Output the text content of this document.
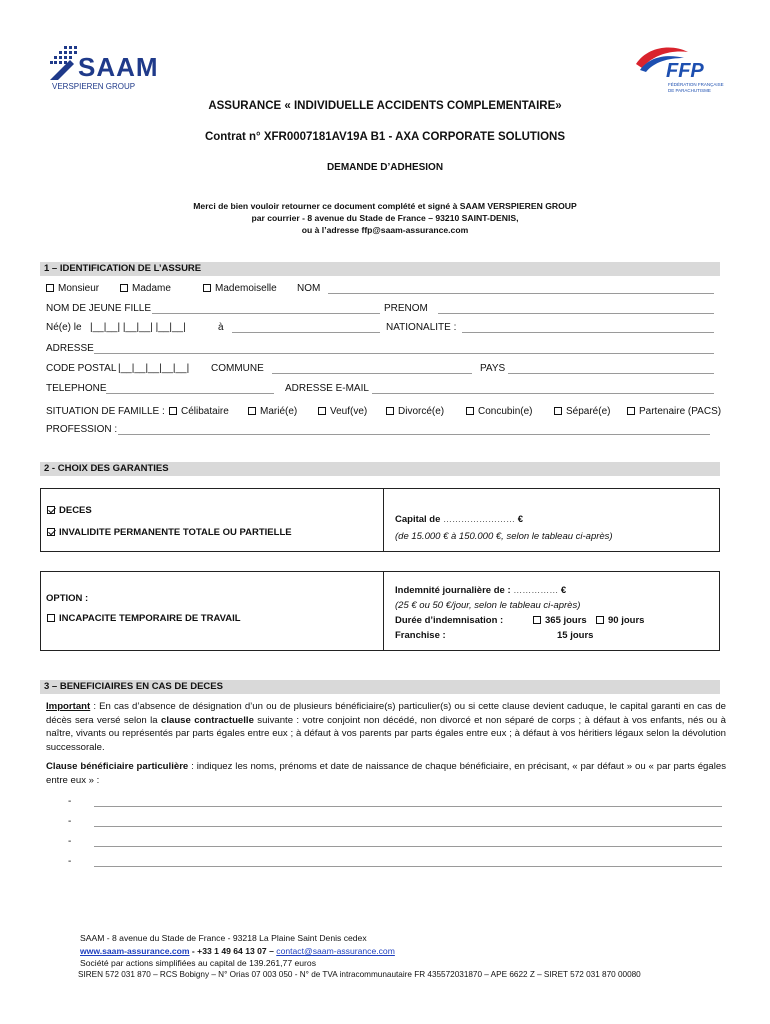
SAAM
VERSPIEREN GROUP
FFP
FÉDÉRATION FRANÇAISE
DE PARACHUTISME
ASSURANCE « INDIVIDUELLE ACCIDENTS COMPLEMENTAIRE»
Contrat n° XFR0007181AV19A B1 - AXA CORPORATE SOLUTIONS
DEMANDE D’ADHESION
Merci de bien vouloir retourner ce document complété et signé à SAAM VERSPIEREN GROUP
par courrier - 8 avenue du Stade de France – 93210 SAINT-DENIS,
ou à l’adresse ffp@saam-assurance.com
1 – IDENTIFICATION DE L’ASSURE
Monsieur	Madame	Mademoiselle NOM
NOM DE JEUNE FILLE	PRENOM
Né(e) le |__|__| |__|__| |__|__|	à	NATIONALITE :
ADRESSE
CODE POSTAL |__|__|__|__|__| COMMUNE	PAYS
TELEPHONE	ADRESSE E-MAIL
SITUATION DE FAMILLE :	Célibataire	Marié(e)	Veuf(ve)	Divorcé(e)	Concubin(e)	Séparé(e)	Partenaire (PACS)
PROFESSION :
2 - CHOIX DES GARANTIES
DECES
INVALIDITE PERMANENTE TOTALE OU PARTIELLE
Capital de …………………… €
(de 15.000 € à 150.000 €, selon le tableau ci-après)
OPTION :
INCAPACITE TEMPORAIRE DE TRAVAIL
Indemnité journalière de : …………… €
(25 € ou 50 €/jour, selon le tableau ci-après)
Durée d’indemnisation :	365 jours	90 jours
Franchise :	15 jours
3 – BENEFICIAIRES EN CAS DE DECES
Important : En cas d’absence de désignation d’un ou de plusieurs bénéficiaire(s) particulier(s) ou si cette clause devient caduque, le capital garanti en cas de décès sera versé selon la clause contractuelle suivante : votre conjoint non décédé, non divorcé et non séparé de corps ; à défaut à vos enfants, nés ou à naître, vivants ou représentés par parts égales entre eux ; à défaut à vos parents par parts égales entre eux ; à défaut à vos héritiers légaux selon la dévolution successorale.
Clause bénéficiaire particulière : indiquez les noms, prénoms et date de naissance de chaque bénéficiaire, en précisant, « par défaut » ou « par parts égales entre eux » :
-
-
-
-
SAAM - 8 avenue du Stade de France - 93218 La Plaine Saint Denis cedex
www.saam-assurance.com - +33 1 49 64 13 07 – contact@saam-assurance.com
Société par actions simplifiées au capital de 139.261,77 euros
SIREN 572 031 870 – RCS Bobigny – N° Orias 07 003 050 - N° de TVA intracommunautaire FR 435572031870 – APE 6622 Z – SIRET 572 031 870 00080
